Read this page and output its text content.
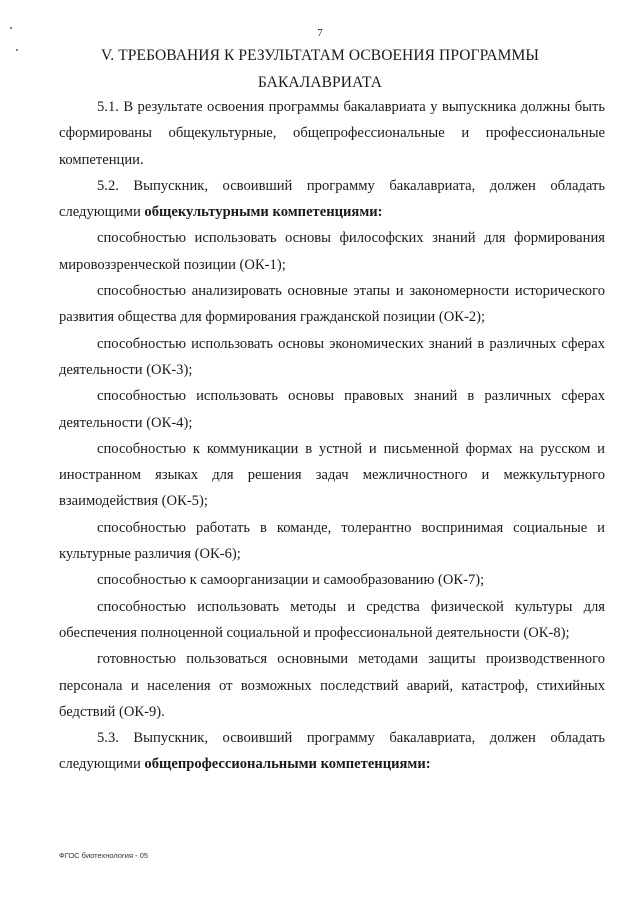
7
V. ТРЕБОВАНИЯ К РЕЗУЛЬТАТАМ ОСВОЕНИЯ ПРОГРАММЫ
БАКАЛАВРИАТА

5.1. В результате освоения программы бакалавриата у выпускника должны быть сформированы общекультурные, общепрофессиональные и профессиональные компетенции.

5.2. Выпускник, освоивший программу бакалавриата, должен обладать следующими общекультурными компетенциями:

способностью использовать основы философских знаний для формирования мировоззренческой позиции (ОК-1);

способностью анализировать основные этапы и закономерности исторического развития общества для формирования гражданской позиции (ОК-2);

способностью использовать основы экономических знаний в различных сферах деятельности (ОК-3);

способностью использовать основы правовых знаний в различных сферах деятельности (ОК-4);

способностью к коммуникации в устной и письменной формах на русском и иностранном языках для решения задач межличностного и межкультурного взаимодействия (ОК-5);

способностью работать в команде, толерантно воспринимая социальные и культурные различия (ОК-6);

способностью к самоорганизации и самообразованию (ОК-7);

способностью использовать методы и средства физической культуры для обеспечения полноценной социальной и профессиональной деятельности (ОК-8);

готовностью пользоваться основными методами защиты производственного персонала и населения от возможных последствий аварий, катастроф, стихийных бедствий (ОК-9).

5.3. Выпускник, освоивший программу бакалавриата, должен обладать следующими общепрофессиональными компетенциями:

ФГОС биотехнология - 05
